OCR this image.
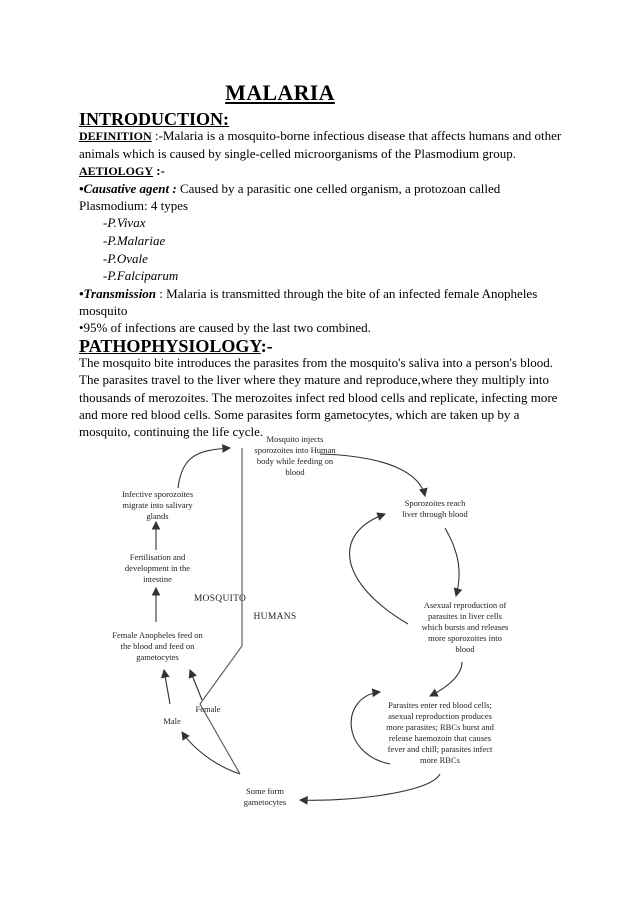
MALARIA
INTRODUCTION:
DEFINITION :-Malaria is a mosquito-borne infectious disease that affects humans and other
animals which is caused by single-celled microorganisms of the Plasmodium group.
AETIOLOGY :-
•Causative agent : Caused by a parasitic one celled organism, a protozoan called
Plasmodium: 4 types
-P.Vivax
-P.Malariae
-P.Ovale
-P.Falciparum
•Transmission : Malaria is transmitted through the bite of an infected female Anopheles
mosquito
•95% of infections are caused by the last two combined.
PATHOPHYSIOLOGY:-
The mosquito bite introduces the parasites from the mosquito's saliva into a person's blood.
The parasites travel to the liver where they mature and reproduce,where they multiply into
thousands of merozoites. The merozoites infect red blood cells and replicate, infecting more
and more red blood cells. Some parasites form gametocytes, which are taken up by a
mosquito, continuing the life cycle. Mosquito injects
sporozoites into Human
body while feeding on
blood
Sporozoites reach
liver through blood
Asexual reproduction of
parasites in liver cells
which bursts and releases
more sporozoites into
blood
Parasites enter red blood cells;
asexual reproduction produces
more parasites; RBCs burst and
release haemozoin that causes
fever and chill; parasites infect
more RBCs
Some form
gametocytes
Male
Female
Female Anopheles feed on
the blood and feed on
gametocytes
Fertilisation and
development in the
intestine
Infective sporozoites
migrate into salivary
glands
MOSQUITO
HUMANS
